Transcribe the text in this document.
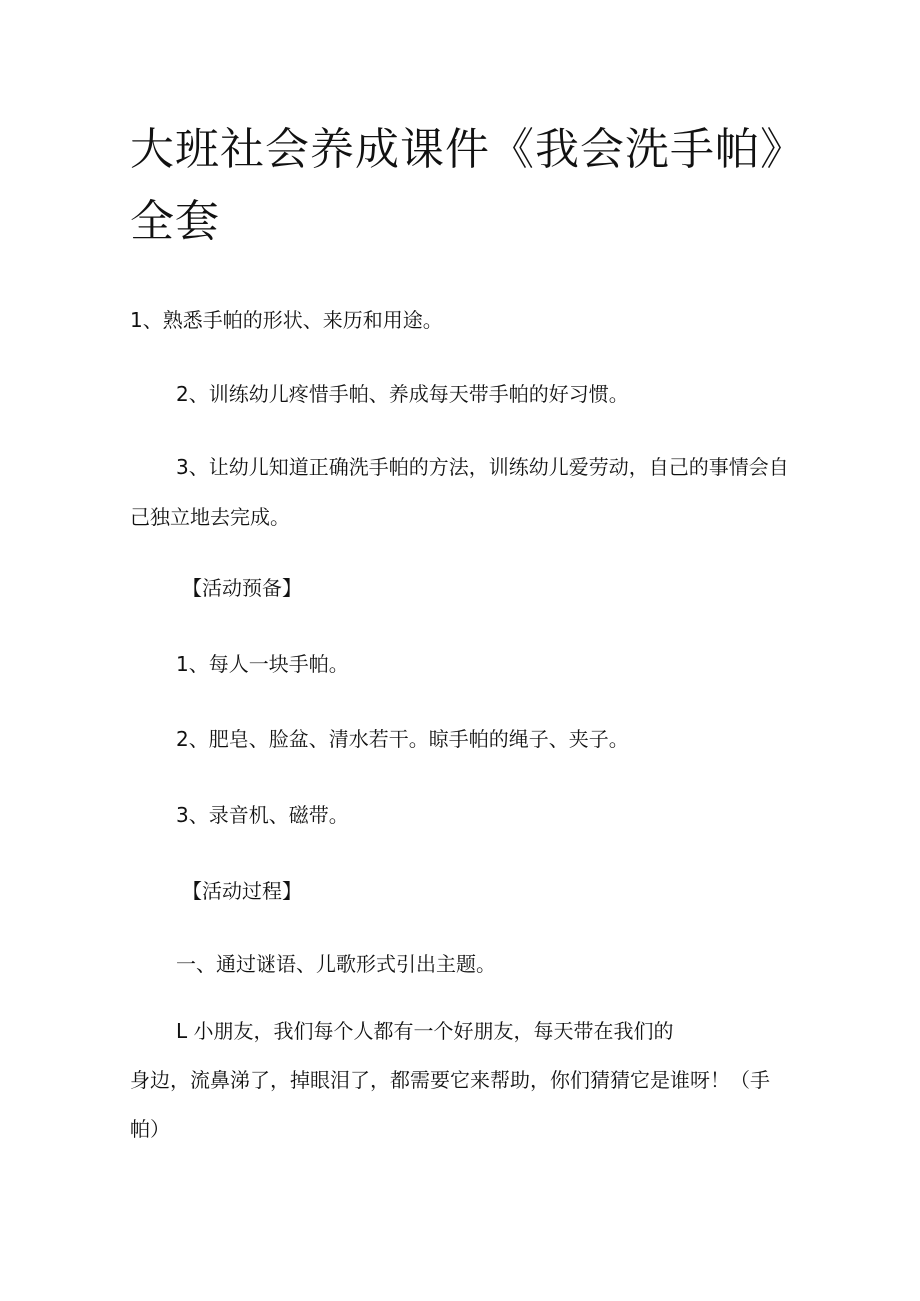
大班社会养成课件《我会洗手帕》
全套

1、熟悉手帕的形状、来历和用途。

2、训练幼儿疼惜手帕、养成每天带手帕的好习惯。

3、让幼儿知道正确洗手帕的方法，训练幼儿爱劳动，自己的事情会自

己独立地去完成。

【活动预备】

1、每人一块手帕。

2、肥皂、脸盆、清水若干。晾手帕的绳子、夹子。

3、录音机、磁带。

【活动过程】

一、通过谜语、儿歌形式引出主题。

L 小朋友，我们每个人都有一个好朋友，每天带在我们的

身边，流鼻涕了，掉眼泪了，都需要它来帮助，你们猜猜它是谁呀！（手

帕）
